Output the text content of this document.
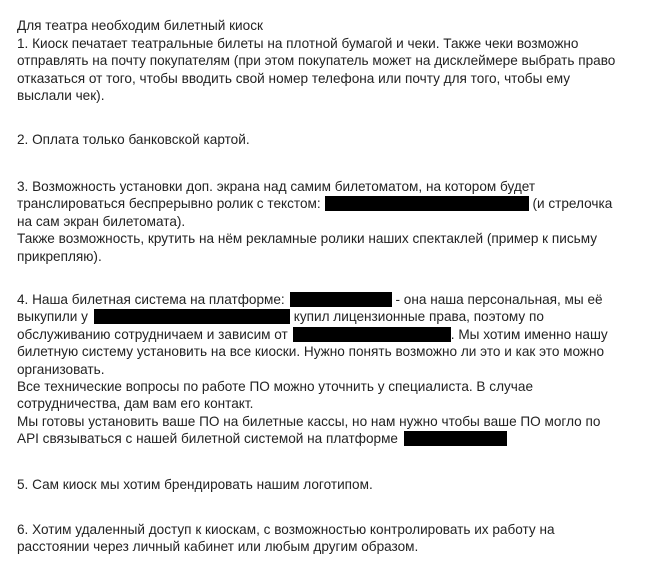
Для театра необходим билетный киоск
1. Киоск печатает театральные билеты на плотной бумагой и чеки. Также чеки возможно
отправлять на почту покупателям (при этом покупатель может на дисклеймере выбрать право
отказаться от того, чтобы вводить свой номер телефона или почту для того, чтобы ему
выслали чек).
2. Оплата только банковской картой.
3. Возможность установки доп. экрана над самим билетоматом, на котором будет
транслироваться беспрерывно ролик с текстом:	(и стрелочка
на сам экран билетомата).
Также возможность, крутить на нём рекламные ролики наших спектаклей (пример к письму
прикрепляю).
4. Наша билетная система на платформе:	- она наша персональная, мы её
выкупили у	купил лицензионные права, поэтому по
обслуживанию сотрудничаем и зависим от	. Мы хотим именно нашу
билетную систему установить на все киоски. Нужно понять возможно ли это и как это можно
организовать.
Все технические вопросы по работе ПО можно уточнить у специалиста. В случае
сотрудничества, дам вам его контакт.
Мы готовы установить ваше ПО на билетные кассы, но нам нужно чтобы ваше ПО могло по
API связываться с нашей билетной системой на платформе
5. Сам киоск мы хотим брендировать нашим логотипом.
6. Хотим удаленный доступ к киоскам, с возможностью контролировать их работу на
расстоянии через личный кабинет или любым другим образом.
